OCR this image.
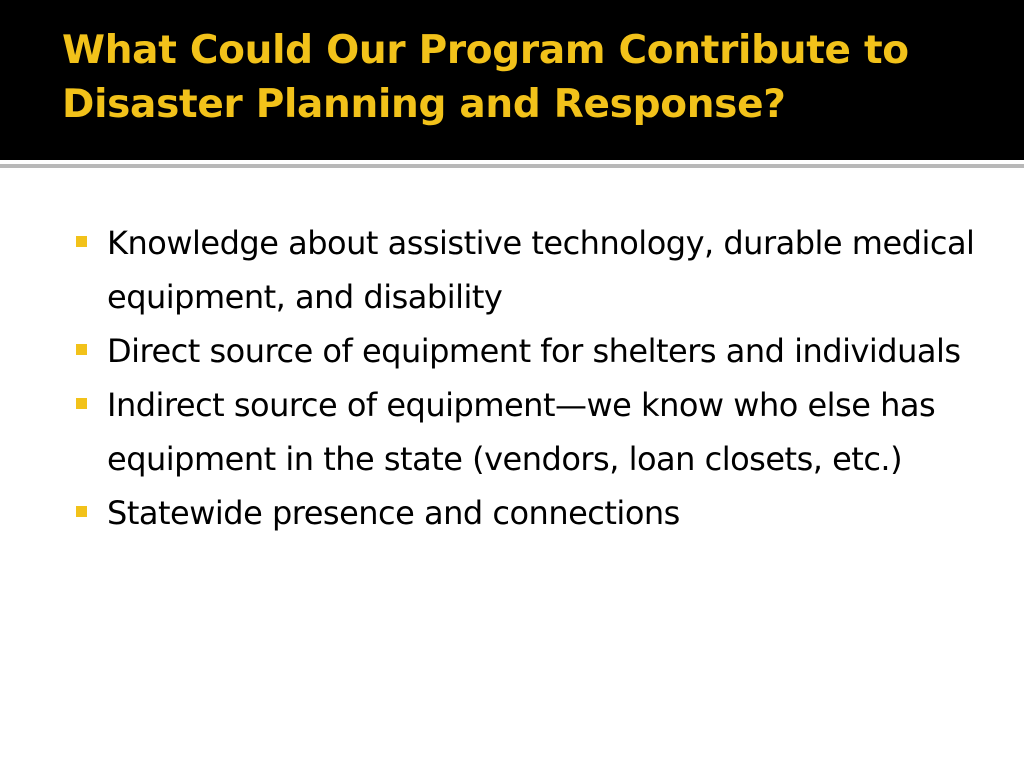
What Could Our Program Contribute to Disaster Planning and Response?
Knowledge about assistive technology, durable medical equipment, and disability
Direct source of equipment for shelters and individuals
Indirect source of equipment—we know who else has equipment in the state (vendors, loan closets, etc.)
Statewide presence and connections
